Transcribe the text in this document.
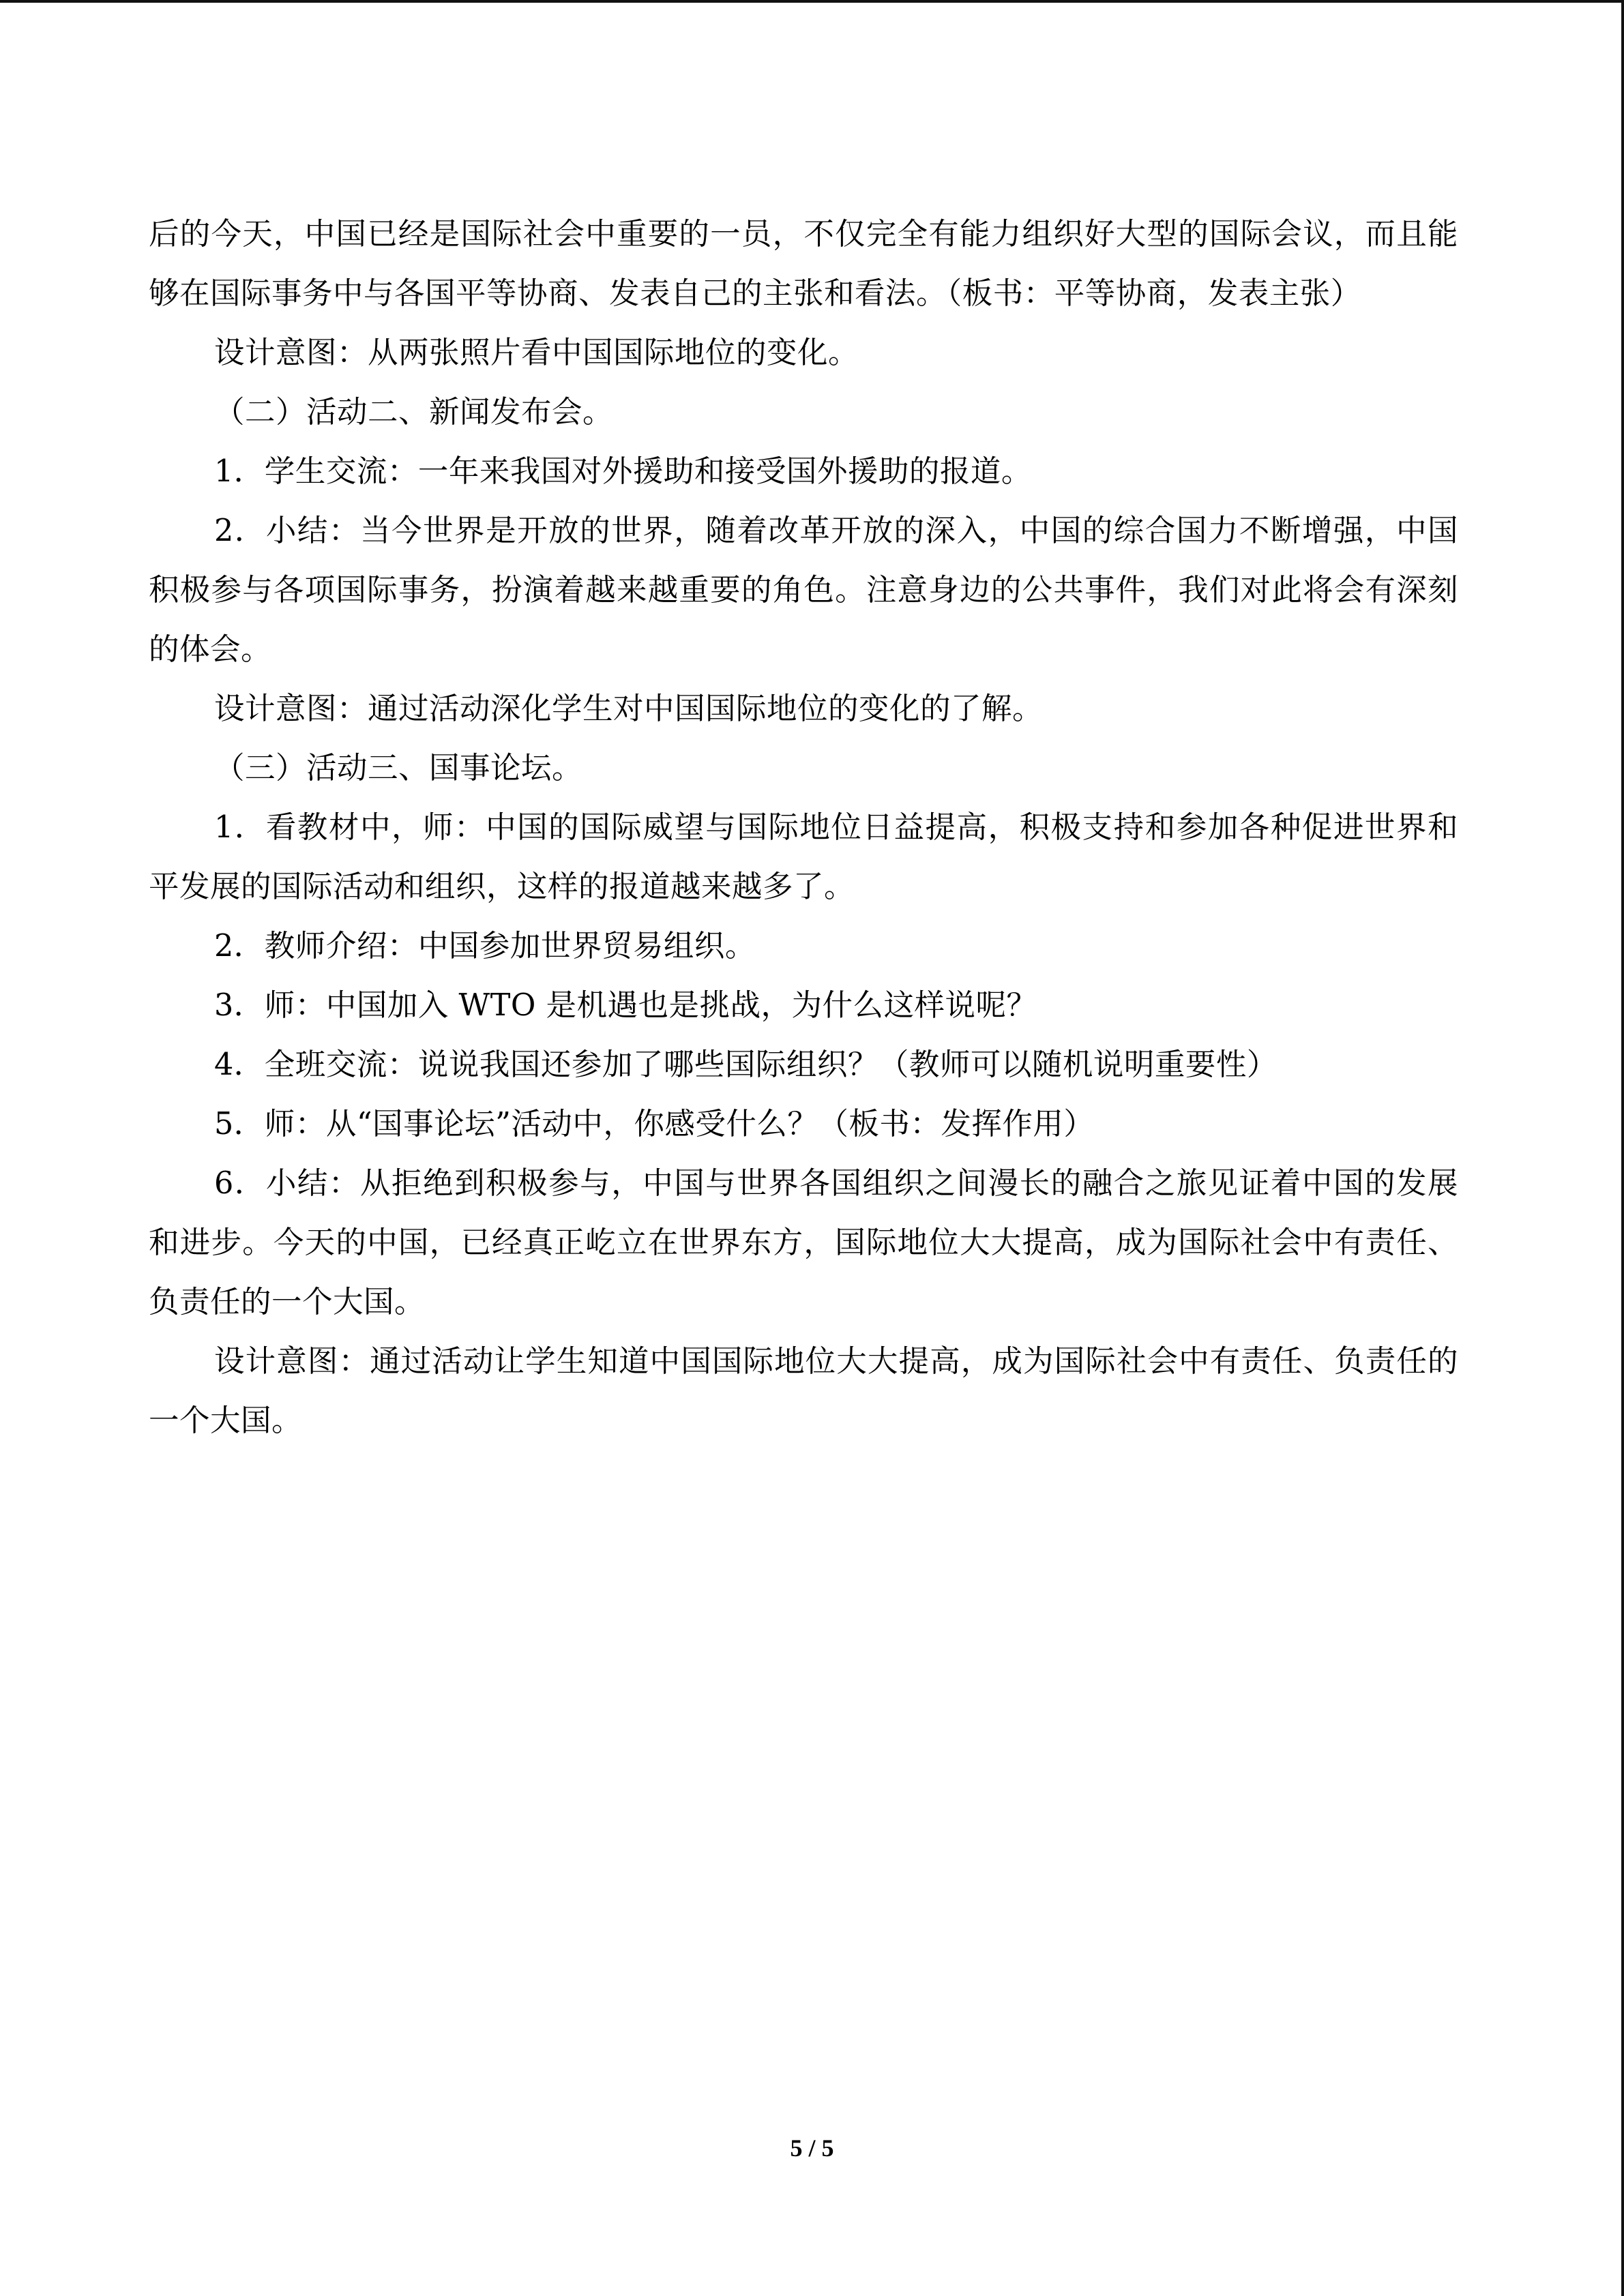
后的今天，中国已经是国际社会中重要的一员，不仅完全有能力组织好大型的国际会议，而且能够在国际事务中与各国平等协商、发表自己的主张和看法。（板书：平等协商，发表主张）

设计意图：从两张照片看中国国际地位的变化。

（二）活动二、新闻发布会。

1．学生交流：一年来我国对外援助和接受国外援助的报道。

2．小结：当今世界是开放的世界，随着改革开放的深入，中国的综合国力不断增强，中国积极参与各项国际事务，扮演着越来越重要的角色。注意身边的公共事件，我们对此将会有深刻的体会。

设计意图：通过活动深化学生对中国国际地位的变化的了解。

（三）活动三、国事论坛。

1．看教材中，师：中国的国际威望与国际地位日益提高，积极支持和参加各种促进世界和平发展的国际活动和组织，这样的报道越来越多了。

2．教师介绍：中国参加世界贸易组织。

3．师：中国加入 WTO 是机遇也是挑战，为什么这样说呢？

4．全班交流：说说我国还参加了哪些国际组织？（教师可以随机说明重要性）

5．师：从“国事论坛”活动中，你感受什么？（板书：发挥作用）

6．小结：从拒绝到积极参与，中国与世界各国组织之间漫长的融合之旅见证着中国的发展和进步。今天的中国，已经真正屹立在世界东方，国际地位大大提高，成为国际社会中有责任、负责任的一个大国。

设计意图：通过活动让学生知道中国国际地位大大提高，成为国际社会中有责任、负责任的一个大国。

5 / 5
